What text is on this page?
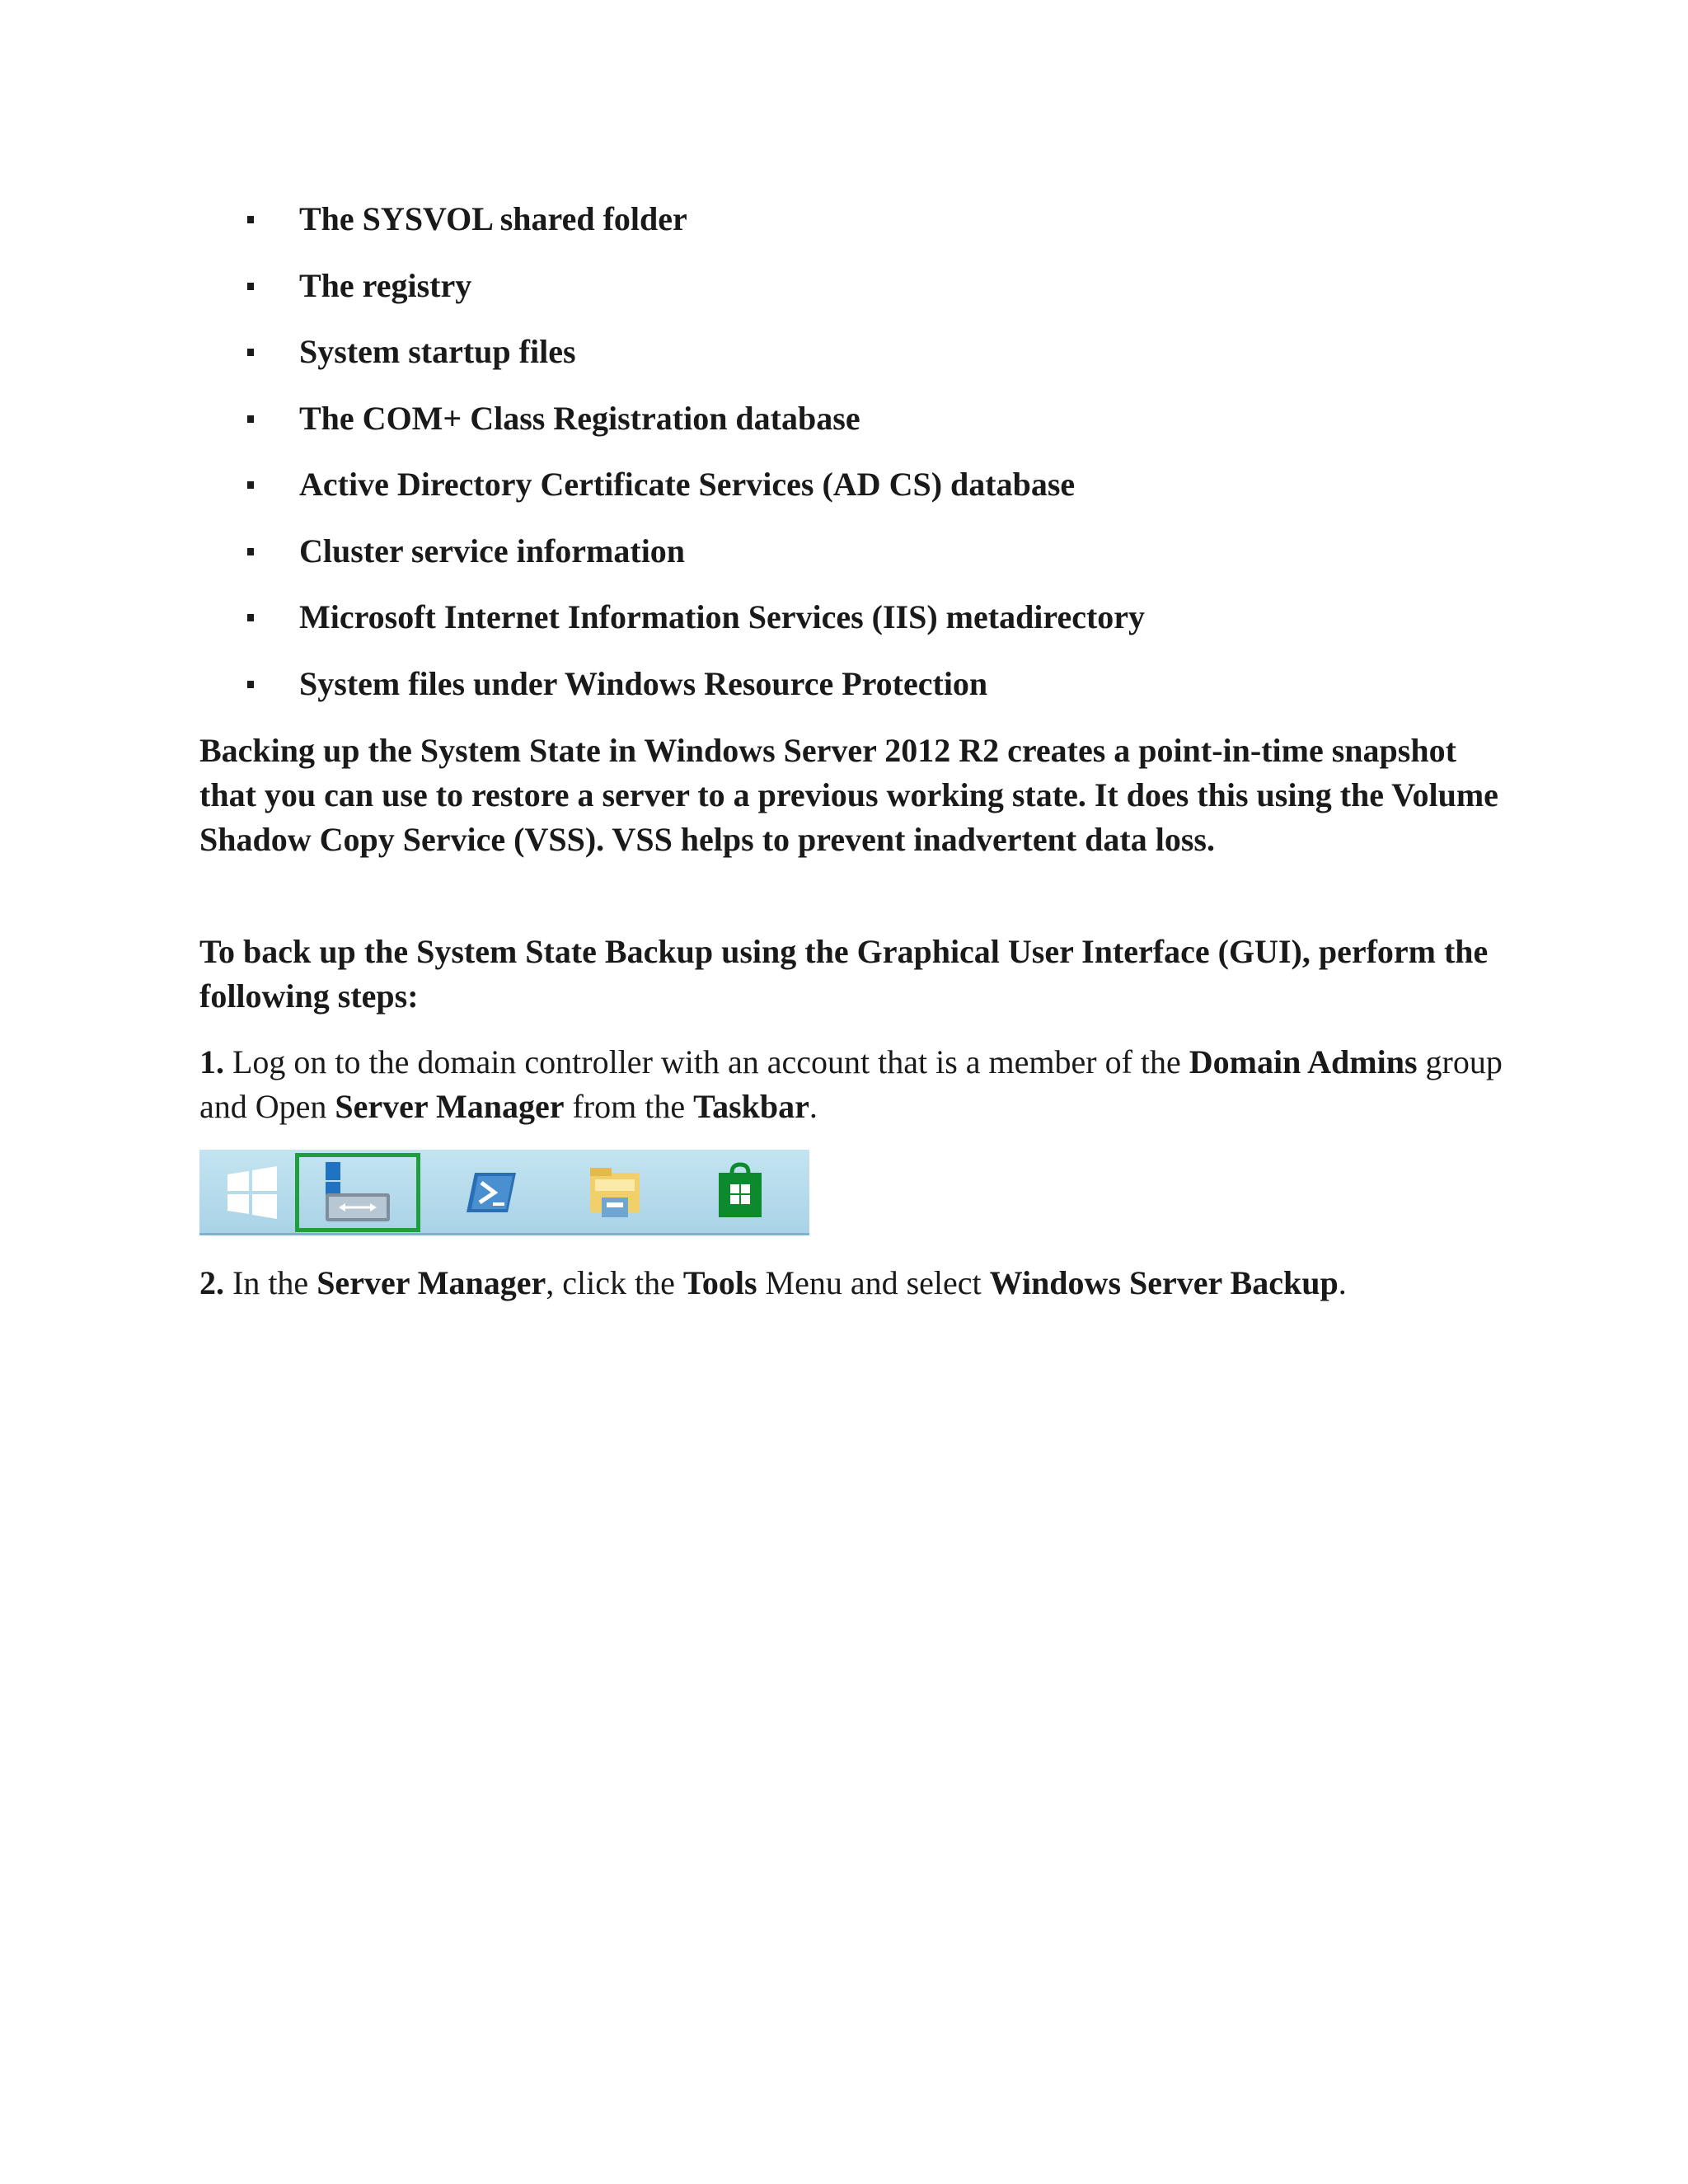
The SYSVOL shared folder
The registry
System startup files
The COM+ Class Registration database
Active Directory Certificate Services (AD CS) database
Cluster service information
Microsoft Internet Information Services (IIS) metadirectory
System files under Windows Resource Protection

Backing up the System State in Windows Server 2012 R2 creates a point-in-time snapshot that you can use to restore a server to a previous working state. It does this using the Volume Shadow Copy Service (VSS). VSS helps to prevent inadvertent data loss.

To back up the System State Backup using the Graphical User Interface (GUI), perform the following steps:

1. Log on to the domain controller with an account that is a member of the Domain Admins group and Open Server Manager from the Taskbar.

2. In the Server Manager, click the Tools Menu and select Windows Server Backup.
